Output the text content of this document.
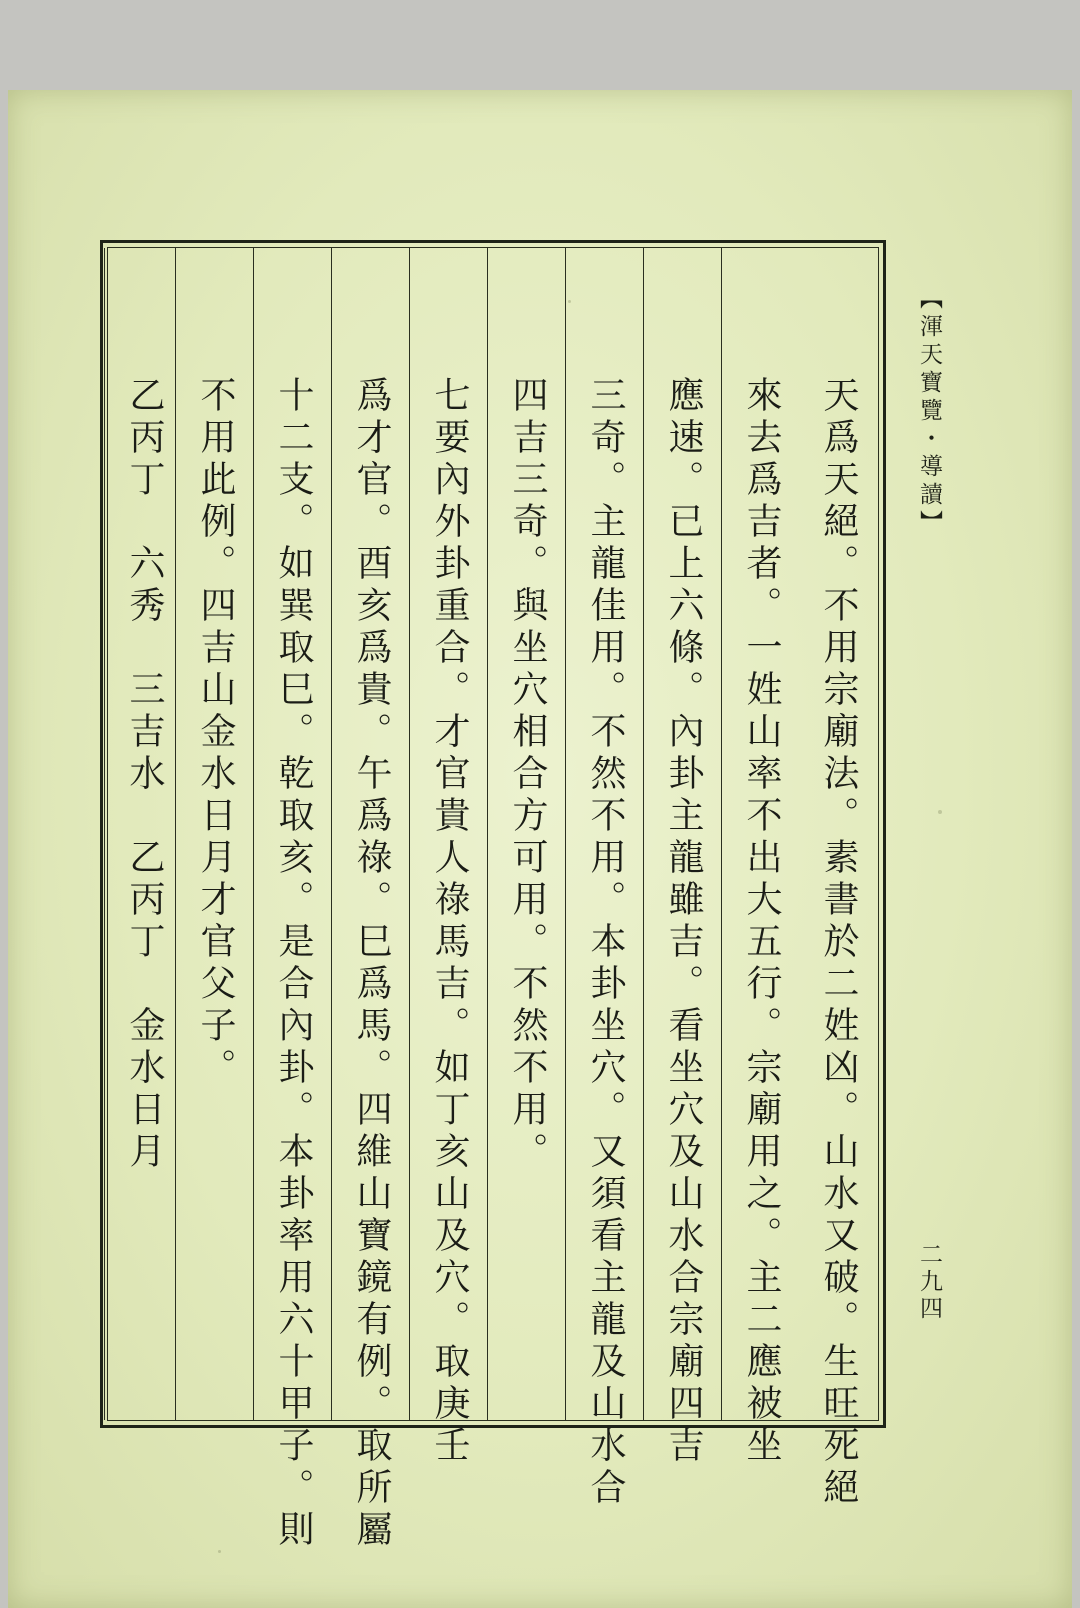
天爲天絕。不用宗廟法。素書於二姓凶。山水又破。生旺死絕
來去爲吉者。一姓山率不出大五行。宗廟用之。主二應被坐
應速。已上六條。內卦主龍雖吉。看坐穴及山水合宗廟四吉
三奇。主龍佳用。不然不用。本卦坐穴。又須看主龍及山水合
四吉三奇。與坐穴相合方可用。不然不用。
七要內外卦重合。才官貴人祿馬吉。如丁亥山及穴。取庚壬
爲才官。酉亥爲貴。午爲祿。巳爲馬。四維山寶鏡有例。取所屬
十二支。如巽取巳。乾取亥。是合內卦。本卦率用六十甲子。則
不用此例。四吉山金水日月才官父子。
乙丙丁　六秀　三吉水　乙丙丁　金水日月	【渾天寶覽・導讀】
二九四
